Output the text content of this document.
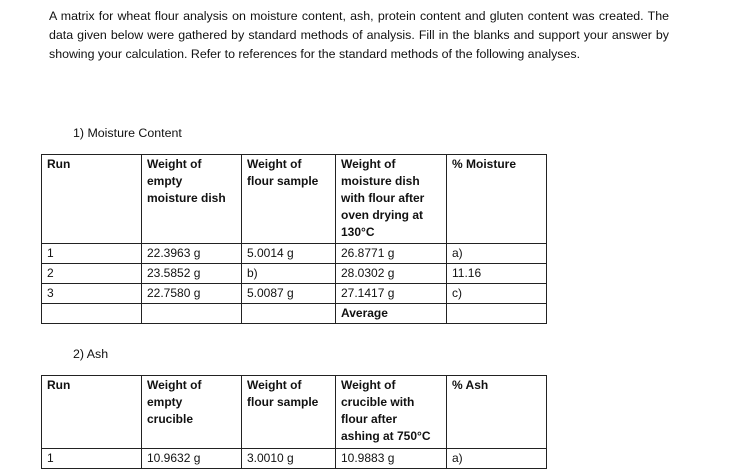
A matrix for wheat flour analysis on moisture content, ash, protein content and gluten content was created. The data given below were gathered by standard methods of analysis. Fill in the blanks and support your answer by showing your calculation. Refer to references for the standard methods of the following analyses.
1) Moisture Content
Run	Weight of
empty
moisture dish	Weight of
flour sample	Weight of
moisture dish
with flour after
oven drying at
130°C	% Moisture

1	22.3963 g	5.0014 g	26.8771 g	a)
2	23.5852 g	b)	28.0302 g	11.16
3	22.7580 g	5.0087 g	27.1417 g	c)
			Average	
2) Ash
Run	Weight of
empty
crucible	Weight of
flour sample	Weight of
crucible with
flour after
ashing at 750°C	% Ash

1	10.9632 g	3.0010 g	10.9883 g	a)
